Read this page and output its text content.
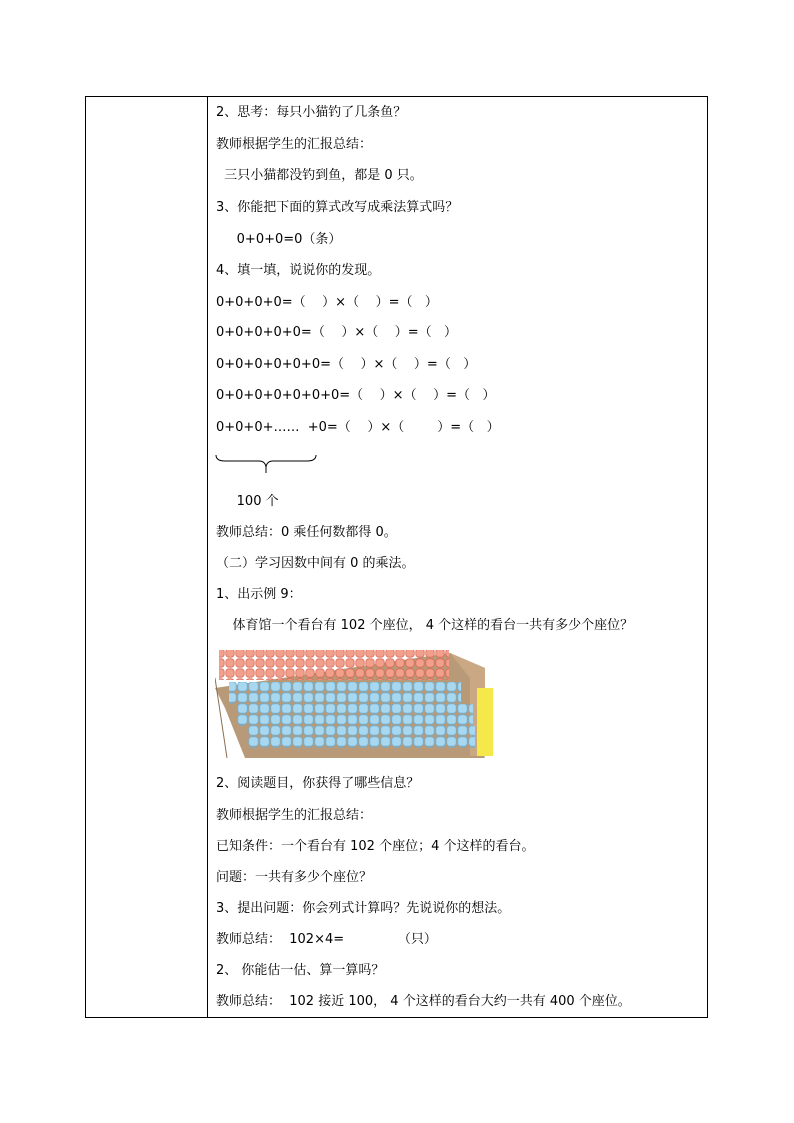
2、思考：每只小猫钓了几条鱼？
教师根据学生的汇报总结：
三只小猫都没钓到鱼，都是 0 只。
3、你能把下面的算式改写成乘法算式吗？
0+0+0=0（条）
4、填一填，说说你的发现。
0+0+0+0=（    ）×（    ）=（   ）
0+0+0+0+0=（    ）×（    ）=（   ）
0+0+0+0+0+0=（    ）×（    ）=（   ）
0+0+0+0+0+0+0=（    ）×（    ）=（   ）
0+0+0+……  +0=（    ）×（        ）=（   ）
100 个
教师总结：0 乘任何数都得 0。
（二）学习因数中间有 0 的乘法。
1、出示例 9：
体育馆一个看台有 102 个座位， 4 个这样的看台一共有多少个座位？
2、阅读题目，你获得了哪些信息？
教师根据学生的汇报总结：
已知条件：一个看台有 102 个座位；4 个这样的看台。
问题：一共有多少个座位？
3、提出问题：你会列式计算吗？先说说你的想法。
教师总结：  102×4=             （只）
2、 你能估一估、算一算吗？
教师总结：  102 接近 100， 4 个这样的看台大约一共有 400 个座位。
